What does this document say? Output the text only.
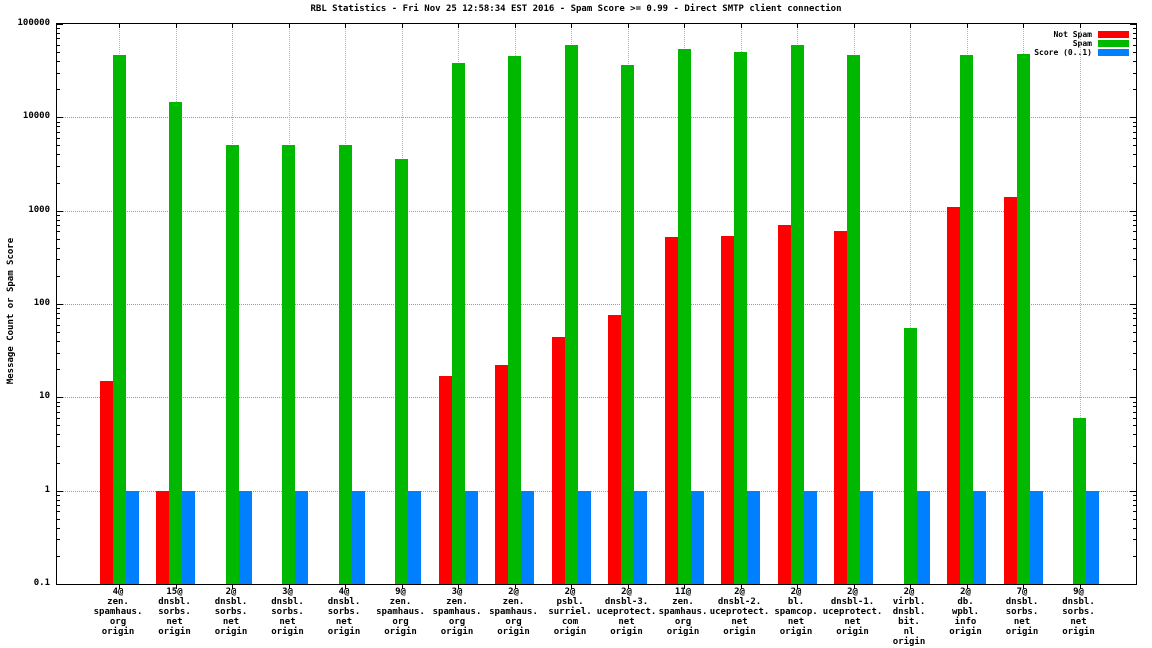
RBL Statistics - Fri Nov 25 12:58:34 EST 2016 - Spam Score >= 0.99 - Direct SMTP client connection
Message Count or Spam Score
Not Spam
Spam
Score (0..1)
100000
10000
1000
100
10
1
0.1
4@
zen.
spamhaus.
org
origin
15@
dnsbl.
sorbs.
net
origin
2@
dnsbl.
sorbs.
net
origin
3@
dnsbl.
sorbs.
net
origin
4@
dnsbl.
sorbs.
net
origin
9@
zen.
spamhaus.
org
origin
3@
zen.
spamhaus.
org
origin
2@
zen.
spamhaus.
org
origin
2@
psbl.
surriel.
com
origin
2@
dnsbl-3.
uceprotect.
net
origin
11@
zen.
spamhaus.
org
origin
2@
dnsbl-2.
uceprotect.
net
origin
2@
bl.
spamcop.
net
origin
2@
dnsbl-1.
uceprotect.
net
origin
2@
virbl.
dnsbl.
bit.
nl
origin
2@
db.
wpbl.
info
origin
7@
dnsbl.
sorbs.
net
origin
9@
dnsbl.
sorbs.
net
origin
